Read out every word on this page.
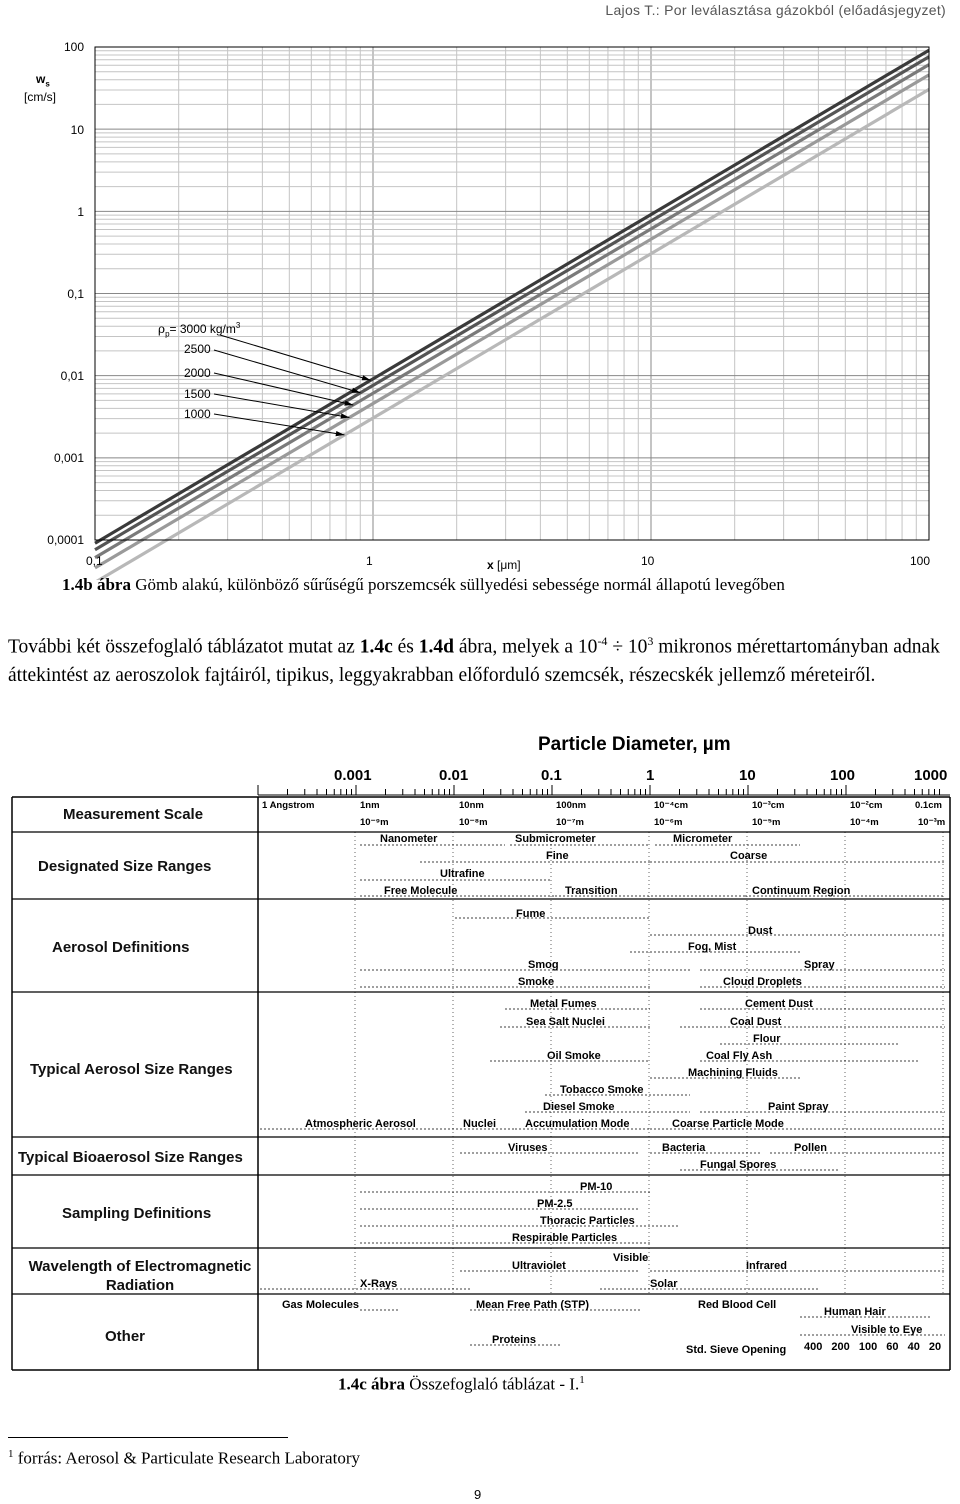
Lajos T.: Por leválasztása gázokból (előadásjegyzet)
100
10
1
0,1
0,01
0,001
0,0001
$w_s$
[cm/s]
0,1	1	10	100
x [μm]
$\rho_p= 3000$ $kg/m^3$
2500
2000
1500
1000
1.4b ábra Gömb alakú, különböző sűrűségű porszemcsék süllyedési sebessége normál állapotú levegőben
További két összefoglaló táblázatot mutat az 1.4c és 1.4d ábra, melyek a $10^{-4} \div 10^3$ mikronos mérettartományban adnak áttekintést az aeroszolok fajtáiról, tipikus, leggyakrabban előforduló szemcsék, részecskék jellemző méreteiről.
Particle Diameter, µm
0.001	0.01	0.1	1	10	100	1000
1 Angstrom	1nm	10nm	100nm	10⁻⁴cm	10⁻³cm	10⁻²cm	0.1cm
10⁻⁹m	10⁻⁸m	10⁻⁷m	10⁻⁶m	10⁻⁵m	10⁻⁴m	10⁻³m
Measurement Scale
Designated Size Ranges
Aerosol Definitions
Typical Aerosol Size Ranges
Typical Bioaerosol Size Ranges
Sampling Definitions
Wavelength of Electromagnetic Radiation
Other
Nanometer	Submicrometer	Micrometer
Fine	Coarse
Ultrafine
Free Molecule	Transition	Continuum Region
Fume
Dust
Fog, Mist
Smog	Spray
Smoke	Cloud Droplets
Metal Fumes	Cement Dust
Sea Salt Nuclei	Coal Dust
Flour
Oil Smoke	Coal Fly Ash
Machining Fluids
Tobacco Smoke
Diesel Smoke	Paint Spray
Atmospheric Aerosol	Nuclei	Accumulation Mode	Coarse Particle Mode
Viruses	Bacteria	Pollen
Fungal Spores
PM-10
PM-2.5
Thoracic Particles
Respirable Particles
Visible
Ultraviolet	Infrared
X-Rays	Solar
Gas Molecules	Mean Free Path (STP)	Red Blood Cell
Human Hair
Visible to Eye
Proteins
Std. Sieve Opening 400 200 100 60 40 20
1.4c ábra Összefoglaló táblázat - I.$^1$
$^1$ forrás: Aerosol & Particulate Research Laboratory
9
